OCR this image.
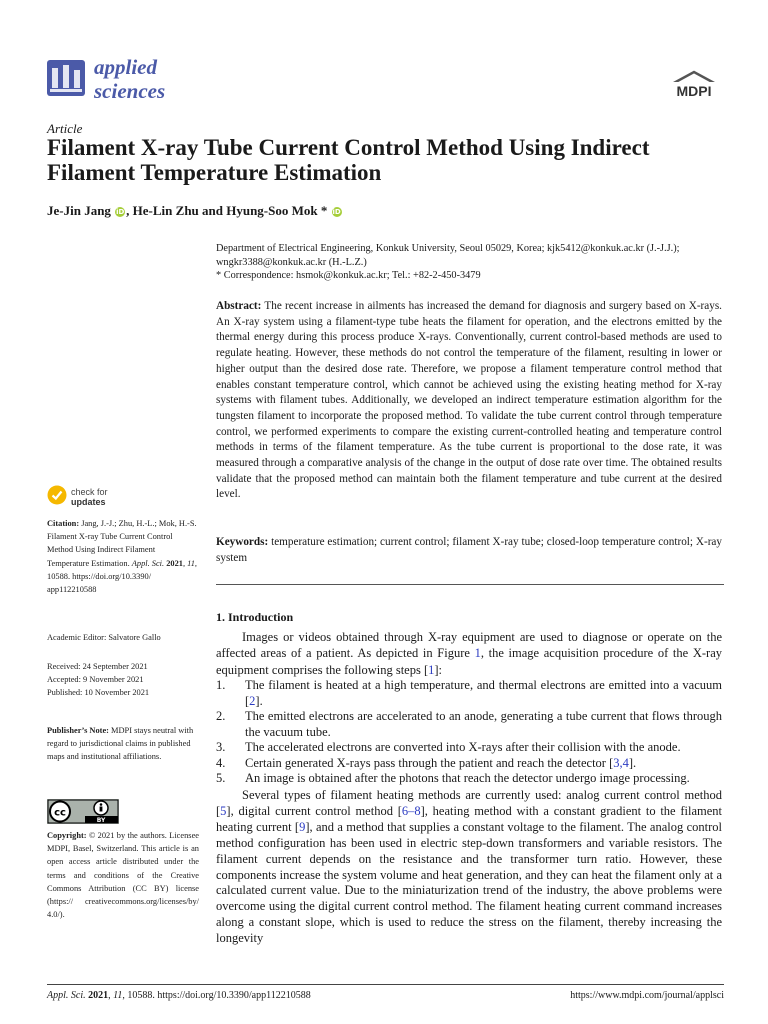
applied
sciences	MDPI
Article
Filament X-ray Tube Current Control Method Using Indirect Filament Temperature Estimation
Je-Jin Jang iD , He-Lin Zhu and Hyung-Soo Mok * iD
Department of Electrical Engineering, Konkuk University, Seoul 05029, Korea; kjk5412@konkuk.ac.kr (J.-J.J.); wngkr3388@konkuk.ac.kr (H.-L.Z.)
* Correspondence: hsmok@konkuk.ac.kr; Tel.: +82-2-450-3479
Abstract: The recent increase in ailments has increased the demand for diagnosis and surgery based on X-rays. An X-ray system using a filament-type tube heats the filament for operation, and the electrons emitted by the thermal energy during this process produce X-rays. Conventionally, current control-based methods are used to regulate heating. However, these methods do not control the temperature of the filament, resulting in lower or higher output than the desired dose rate. Therefore, we propose a filament temperature control method that enables constant temperature control, which cannot be achieved using the existing heating method for X-ray systems with filament tubes. Additionally, we developed an indirect temperature estimation algorithm for the tungsten filament to incorporate the proposed method. To validate the tube current control through temperature control, we performed experiments to compare the existing current-controlled heating and temperature control methods in terms of the filament temperature. As the tube current is proportional to the dose rate, it was measured through a comparative analysis of the change in the output of dose rate over time. The obtained results validate that the proposed method can maintain both the filament temperature and tube current at the desired level.
Keywords: temperature estimation; current control; filament X-ray tube; closed-loop temperature control; X-ray system
1. Introduction
Images or videos obtained through X-ray equipment are used to diagnose or operate on the affected areas of a patient. As depicted in Figure 1, the image acquisition procedure of the X-ray equipment comprises the following steps [1]:
1. The filament is heated at a high temperature, and thermal electrons are emitted into a vacuum [2].
2. The emitted electrons are accelerated to an anode, generating a tube current that flows through the vacuum tube.
3. The accelerated electrons are converted into X-rays after their collision with the anode.
4. Certain generated X-rays pass through the patient and reach the detector [3,4].
5. An image is obtained after the photons that reach the detector undergo image processing.
Several types of filament heating methods are currently used: analog current control method [5], digital current control method [6–8], heating method with a constant gradient to the filament heating current [9], and a method that supplies a constant voltage to the filament. The analog control method configuration has been used in electric step-down transformers and variable resistors. The filament current depends on the resistance and the transformer turn ratio. However, these components increase the system volume and heat generation, and they can heat the filament only at a calculated current value. Due to the miniaturization trend of the industry, the above problems were overcome using the digital current control method. The filament heating current command increases along a constant slope, which is used to reduce the stress on the filament, thereby increasing the longevity
check for
updates
Citation: Jang, J.-J.; Zhu, H.-L.; Mok, H.-S. Filament X-ray Tube Current Control Method Using Indirect Filament Temperature Estimation. Appl. Sci. 2021, 11, 10588. https://doi.org/10.3390/ app112210588
Academic Editor: Salvatore Gallo
Received: 24 September 2021
Accepted: 9 November 2021
Published: 10 November 2021
Publisher’s Note: MDPI stays neutral with regard to jurisdictional claims in published maps and institutional affiliations.
cc
BY
Copyright: © 2021 by the authors. Licensee MDPI, Basel, Switzerland. This article is an open access article distributed under the terms and conditions of the Creative Commons Attribution (CC BY) license (https:// creativecommons.org/licenses/by/ 4.0/).
Appl. Sci. 2021, 11, 10588. https://doi.org/10.3390/app112210588	https://www.mdpi.com/journal/applsci
